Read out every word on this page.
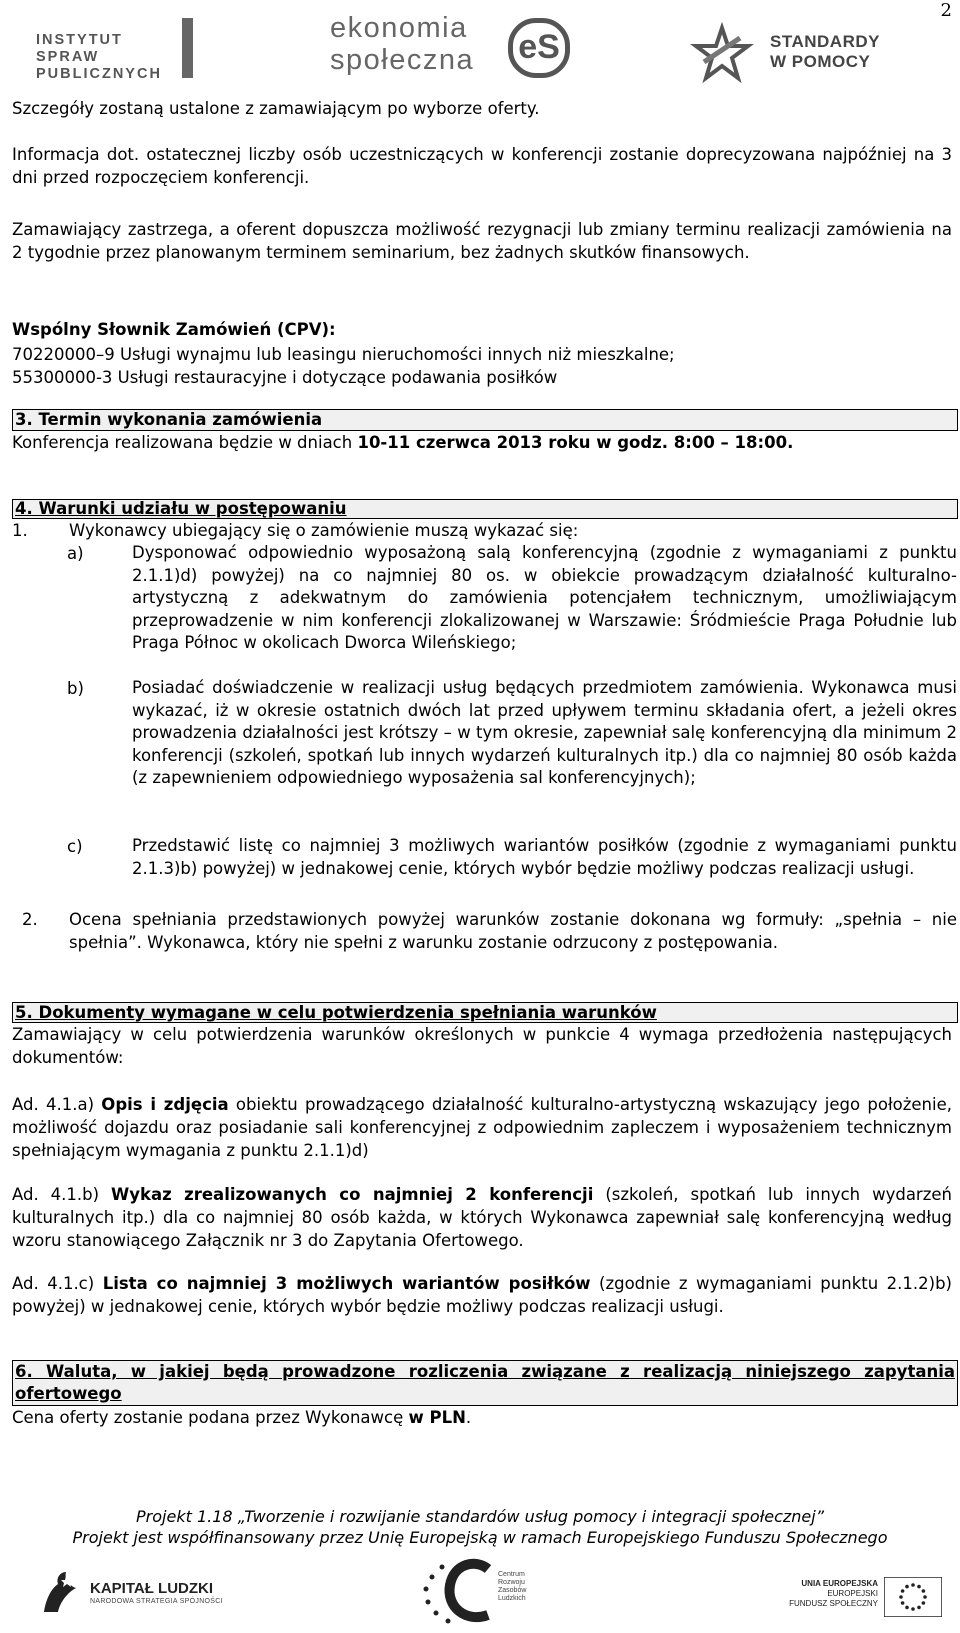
2
INSTYTUT SPRAW
PUBLICZNYCH
ekonomia
społeczna	eS	STANDARDY
W POMOCY

Szczegóły zostaną ustalone z zamawiającym po wyborze oferty.

Informacja dot. ostatecznej liczby osób uczestniczących w konferencji zostanie doprecyzowana najpóźniej na 3 dni przed rozpoczęciem konferencji.

Zamawiający zastrzega, a oferent dopuszcza możliwość rezygnacji lub zmiany terminu realizacji zamówienia na 2 tygodnie przez planowanym terminem seminarium, bez żadnych skutków finansowych.

Wspólny Słownik Zamówień (CPV):
70220000–9 Usługi wynajmu lub leasingu nieruchomości innych niż mieszkalne;
55300000-3 Usługi restauracyjne i dotyczące podawania posiłków
3. Termin wykonania zamówienia
Konferencja realizowana będzie w dniach 10-11 czerwca 2013 roku w godz. 8:00 – 18:00.
4. Warunki udziału w postępowaniu
1.	Wykonawcy ubiegający się o zamówienie muszą wykazać się:
a)	Dysponować odpowiednio wyposażoną salą konferencyjną (zgodnie z wymaganiami z punktu 2.1.1)d) powyżej) na co najmniej 80 os. w obiekcie prowadzącym działalność kulturalno-artystyczną z adekwatnym do zamówienia potencjałem technicznym, umożliwiającym przeprowadzenie w nim konferencji zlokalizowanej w Warszawie: Śródmieście Praga Południe lub Praga Północ w okolicach Dworca Wileńskiego;
b)	Posiadać doświadczenie w realizacji usług będących przedmiotem zamówienia. Wykonawca musi wykazać, iż w okresie ostatnich dwóch lat przed upływem terminu składania ofert, a jeżeli okres prowadzenia działalności jest krótszy – w tym okresie, zapewniał salę konferencyjną dla minimum 2 konferencji (szkoleń, spotkań lub innych wydarzeń kulturalnych itp.) dla co najmniej 80 osób każda (z zapewnieniem odpowiedniego wyposażenia sal konferencyjnych);
c)	Przedstawić listę co najmniej 3 możliwych wariantów posiłków (zgodnie z wymaganiami punktu 2.1.3)b) powyżej) w jednakowej cenie, których wybór będzie możliwy podczas realizacji usługi.
2. Ocena spełniania przedstawionych powyżej warunków zostanie dokonana wg formuły: „spełnia – nie spełnia”. Wykonawca, który nie spełni z warunku zostanie odrzucony z postępowania.
5. Dokumenty wymagane w celu potwierdzenia spełniania warunków

Zamawiający w celu potwierdzenia warunków określonych w punkcie 4 wymaga przedłożenia następujących dokumentów:

Ad. 4.1.a) Opis i zdjęcia obiektu prowadzącego działalność kulturalno-artystyczną wskazujący jego położenie, możliwość dojazdu oraz posiadanie sali konferencyjnej z odpowiednim zapleczem i wyposażeniem technicznym spełniającym wymagania z punktu 2.1.1)d)

Ad. 4.1.b) Wykaz zrealizowanych co najmniej 2 konferencji (szkoleń, spotkań lub innych wydarzeń kulturalnych itp.) dla co najmniej 80 osób każda, w których Wykonawca zapewniał salę konferencyjną według wzoru stanowiącego Załącznik nr 3 do Zapytania Ofertowego.

Ad. 4.1.c) Lista co najmniej 3 możliwych wariantów posiłków (zgodnie z wymaganiami punktu 2.1.2)b) powyżej) w jednakowej cenie, których wybór będzie możliwy podczas realizacji usługi.

6. Waluta, w jakiej będą prowadzone rozliczenia związane z realizacją niniejszego zapytania ofertowego
Cena oferty zostanie podana przez Wykonawcę w PLN.
Projekt 1.18 „Tworzenie i rozwijanie standardów usług pomocy i integracji społecznej”
Projekt jest współfinansowany przez Unię Europejską w ramach Europejskiego Funduszu Społecznego
KAPITAŁ LUDZKI
NARODOWA STRATEGIA SPÓJNOŚCI
Centrum
Rozwoju
Zasobów
Ludzkich
UNIA EUROPEJSKA
EUROPEJSKI
FUNDUSZ SPOŁECZNY
